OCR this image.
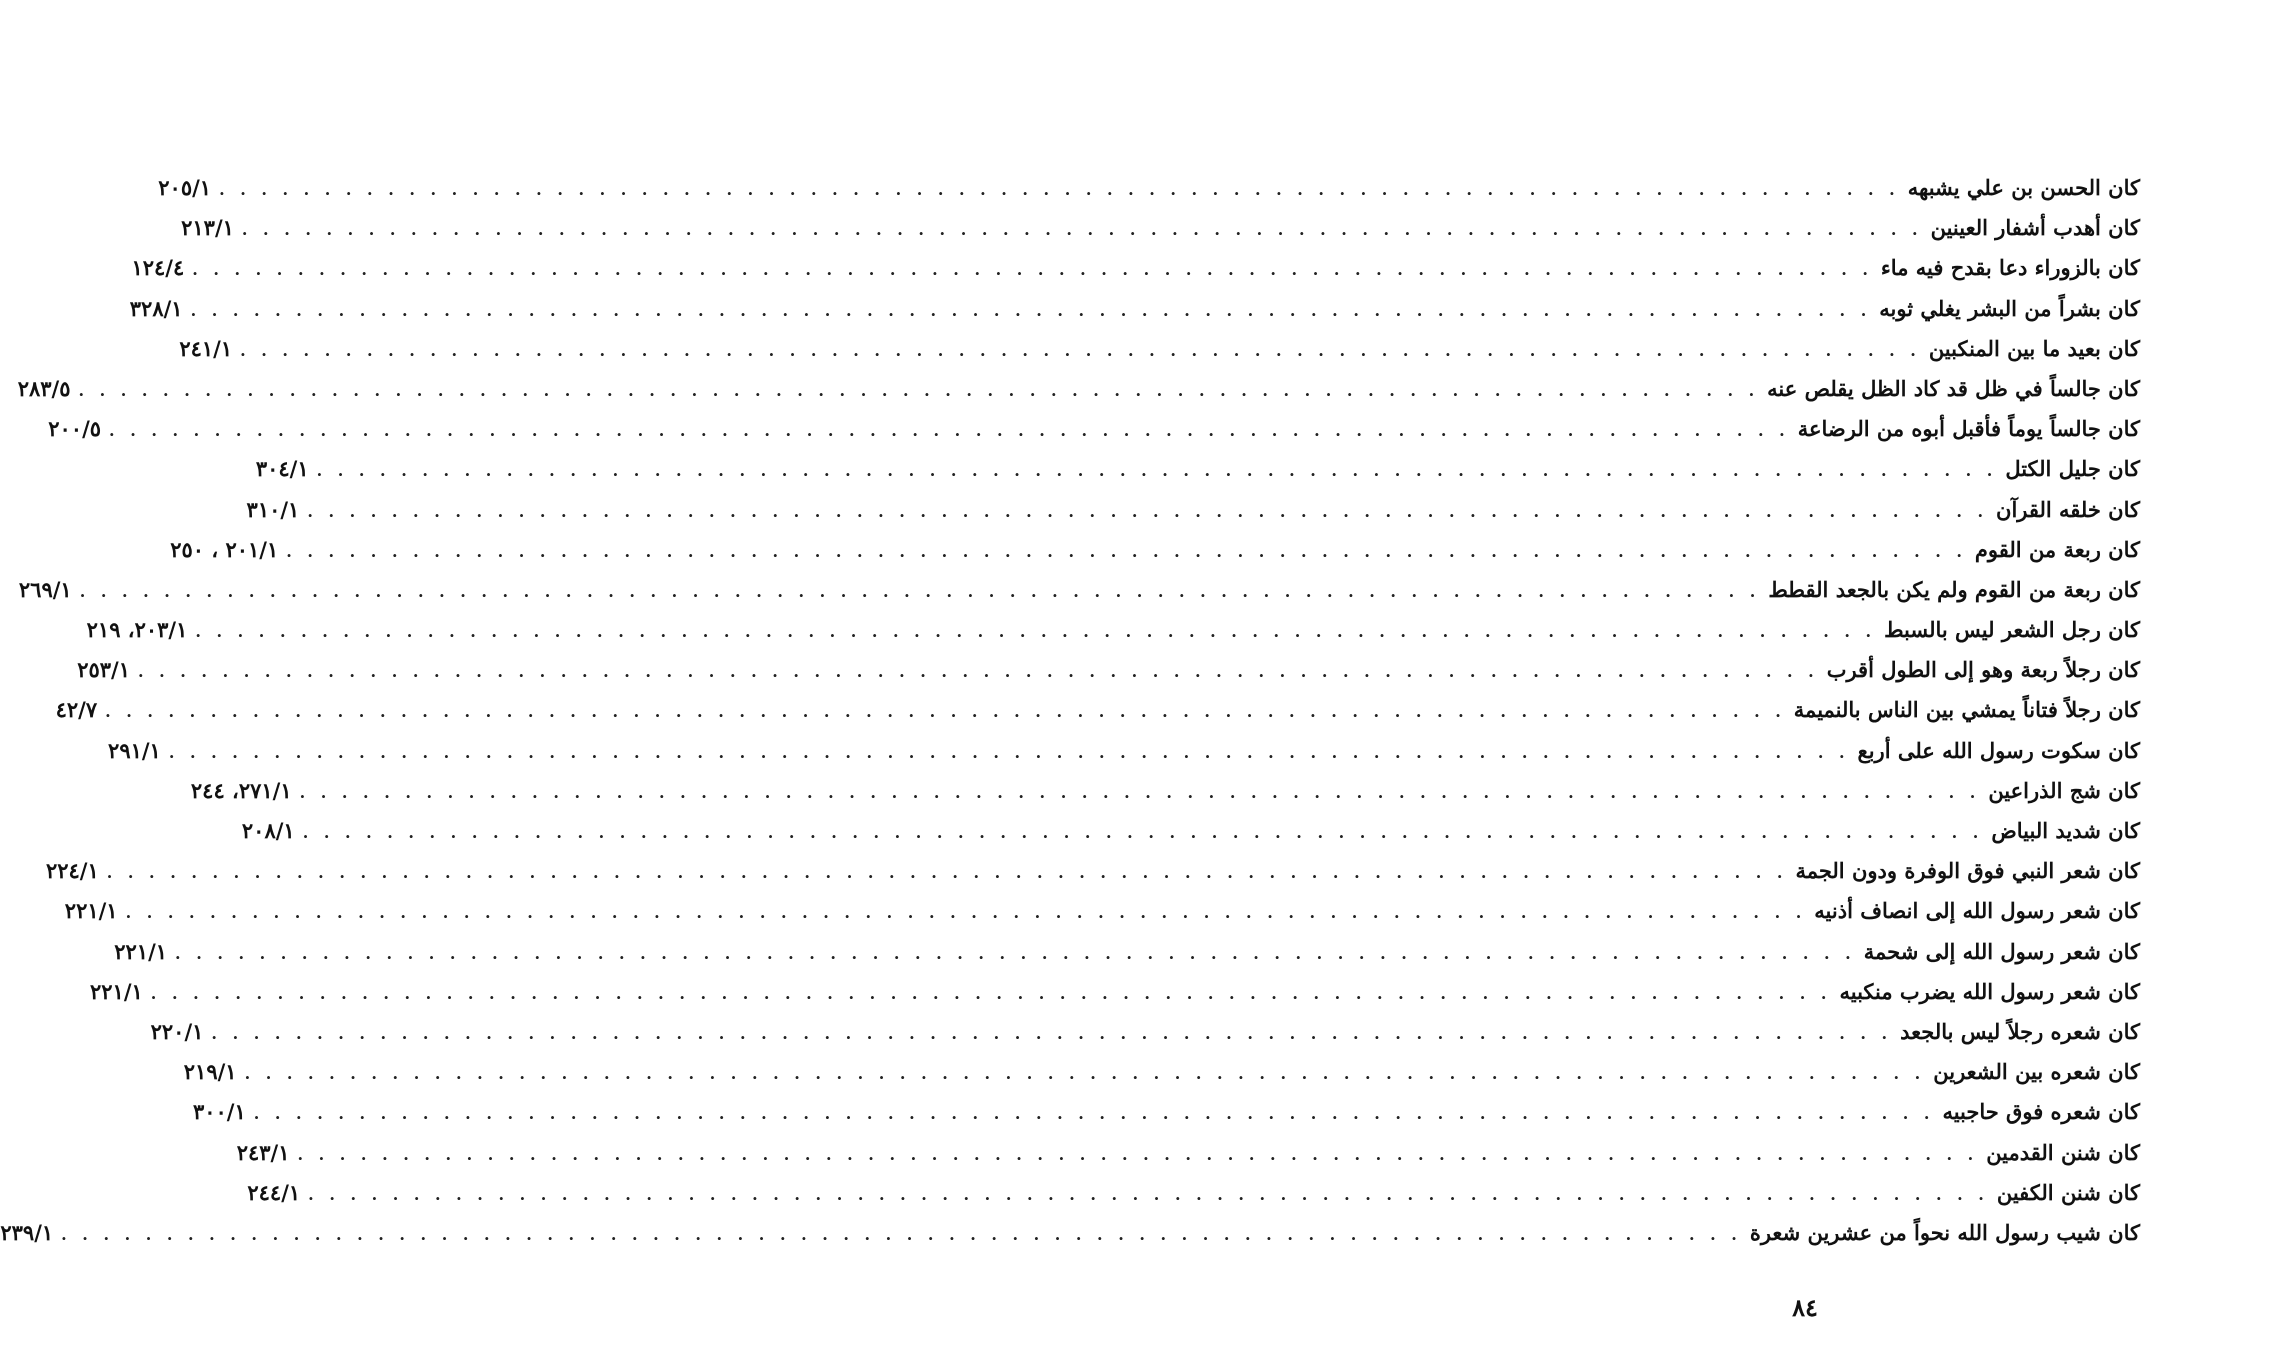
كان الحسن بن علي يشبهه
. . . . . . . . . . . . . . . . . . . . . . . . . . . . . . . . . . . . . . . . . . . . . . . . . . . . . . . . . . . . . . . . . . . . . . . . . . . . . . . .
٢٠٥/١
كان أهدب أشفار العينين
. . . . . . . . . . . . . . . . . . . . . . . . . . . . . . . . . . . . . . . . . . . . . . . . . . . . . . . . . . . . . . . . . . . . . . . . . . . . . . . .
٢١٣/١
كان بالزوراء دعا بقدح فيه ماء
. . . . . . . . . . . . . . . . . . . . . . . . . . . . . . . . . . . . . . . . . . . . . . . . . . . . . . . . . . . . . . . . . . . . . . . . . . . . . . . .
١٢٤/٤
كان بشراً من البشر يغلي ثوبه
. . . . . . . . . . . . . . . . . . . . . . . . . . . . . . . . . . . . . . . . . . . . . . . . . . . . . . . . . . . . . . . . . . . . . . . . . . . . . . . .
٣٢٨/١
كان بعيد ما بين المنكبين
. . . . . . . . . . . . . . . . . . . . . . . . . . . . . . . . . . . . . . . . . . . . . . . . . . . . . . . . . . . . . . . . . . . . . . . . . . . . . . . .
٢٤١/١
كان جالساً في ظل قد كاد الظل يقلص عنه
. . . . . . . . . . . . . . . . . . . . . . . . . . . . . . . . . . . . . . . . . . . . . . . . . . . . . . . . . . . . . . . . . . . . . . . . . . . . . . . .
٢٨٣/٥
كان جالساً يوماً فأقبل أبوه من الرضاعة
. . . . . . . . . . . . . . . . . . . . . . . . . . . . . . . . . . . . . . . . . . . . . . . . . . . . . . . . . . . . . . . . . . . . . . . . . . . . . . . .
٢٠٠/٥
كان جليل الكتل
. . . . . . . . . . . . . . . . . . . . . . . . . . . . . . . . . . . . . . . . . . . . . . . . . . . . . . . . . . . . . . . . . . . . . . . . . . . . . . . .
٣٠٤/١
كان خلقه القرآن
. . . . . . . . . . . . . . . . . . . . . . . . . . . . . . . . . . . . . . . . . . . . . . . . . . . . . . . . . . . . . . . . . . . . . . . . . . . . . . . .
٣١٠/١
كان ربعة من القوم
. . . . . . . . . . . . . . . . . . . . . . . . . . . . . . . . . . . . . . . . . . . . . . . . . . . . . . . . . . . . . . . . . . . . . . . . . . . . . . . .
٢٠١/١ ، ٢٥٠
كان ربعة من القوم ولم يكن بالجعد القطط
. . . . . . . . . . . . . . . . . . . . . . . . . . . . . . . . . . . . . . . . . . . . . . . . . . . . . . . . . . . . . . . . . . . . . . . . . . . . . . . .
٢٦٩/١
كان رجل الشعر ليس بالسبط
. . . . . . . . . . . . . . . . . . . . . . . . . . . . . . . . . . . . . . . . . . . . . . . . . . . . . . . . . . . . . . . . . . . . . . . . . . . . . . . .
٢٠٣/١، ٢١٩
كان رجلاً ربعة وهو إلى الطول أقرب
. . . . . . . . . . . . . . . . . . . . . . . . . . . . . . . . . . . . . . . . . . . . . . . . . . . . . . . . . . . . . . . . . . . . . . . . . . . . . . . .
٢٥٣/١
كان رجلاً فتاناً يمشي بين الناس بالنميمة
. . . . . . . . . . . . . . . . . . . . . . . . . . . . . . . . . . . . . . . . . . . . . . . . . . . . . . . . . . . . . . . . . . . . . . . . . . . . . . . .
٤٢/٧
كان سكوت رسول الله على أربع
. . . . . . . . . . . . . . . . . . . . . . . . . . . . . . . . . . . . . . . . . . . . . . . . . . . . . . . . . . . . . . . . . . . . . . . . . . . . . . . .
٢٩١/١
كان شج الذراعين
. . . . . . . . . . . . . . . . . . . . . . . . . . . . . . . . . . . . . . . . . . . . . . . . . . . . . . . . . . . . . . . . . . . . . . . . . . . . . . . .
٢٧١/١، ٢٤٤
كان شديد البياض
. . . . . . . . . . . . . . . . . . . . . . . . . . . . . . . . . . . . . . . . . . . . . . . . . . . . . . . . . . . . . . . . . . . . . . . . . . . . . . . .
٢٠٨/١
كان شعر النبي فوق الوفرة ودون الجمة
. . . . . . . . . . . . . . . . . . . . . . . . . . . . . . . . . . . . . . . . . . . . . . . . . . . . . . . . . . . . . . . . . . . . . . . . . . . . . . . .
٢٢٤/١
كان شعر رسول الله إلى انصاف أذنيه
. . . . . . . . . . . . . . . . . . . . . . . . . . . . . . . . . . . . . . . . . . . . . . . . . . . . . . . . . . . . . . . . . . . . . . . . . . . . . . . .
٢٢١/١
كان شعر رسول الله إلى شحمة
. . . . . . . . . . . . . . . . . . . . . . . . . . . . . . . . . . . . . . . . . . . . . . . . . . . . . . . . . . . . . . . . . . . . . . . . . . . . . . . .
٢٢١/١
كان شعر رسول الله يضرب منكبيه
. . . . . . . . . . . . . . . . . . . . . . . . . . . . . . . . . . . . . . . . . . . . . . . . . . . . . . . . . . . . . . . . . . . . . . . . . . . . . . . .
٢٢١/١
كان شعره رجلاً ليس بالجعد
. . . . . . . . . . . . . . . . . . . . . . . . . . . . . . . . . . . . . . . . . . . . . . . . . . . . . . . . . . . . . . . . . . . . . . . . . . . . . . . .
٢٢٠/١
كان شعره بين الشعرين
. . . . . . . . . . . . . . . . . . . . . . . . . . . . . . . . . . . . . . . . . . . . . . . . . . . . . . . . . . . . . . . . . . . . . . . . . . . . . . . .
٢١٩/١
كان شعره فوق حاجبيه
. . . . . . . . . . . . . . . . . . . . . . . . . . . . . . . . . . . . . . . . . . . . . . . . . . . . . . . . . . . . . . . . . . . . . . . . . . . . . . . .
٣٠٠/١
كان شنن القدمين
. . . . . . . . . . . . . . . . . . . . . . . . . . . . . . . . . . . . . . . . . . . . . . . . . . . . . . . . . . . . . . . . . . . . . . . . . . . . . . . .
٢٤٣/١
كان شنن الكفين
. . . . . . . . . . . . . . . . . . . . . . . . . . . . . . . . . . . . . . . . . . . . . . . . . . . . . . . . . . . . . . . . . . . . . . . . . . . . . . . .
٢٤٤/١
كان شيب رسول الله نحواً من عشرين شعرة
. . . . . . . . . . . . . . . . . . . . . . . . . . . . . . . . . . . . . . . . . . . . . . . . . . . . . . . . . . . . . . . . . . . . . . . . . . . . . . . .
٢٣٩/١
٨٤
